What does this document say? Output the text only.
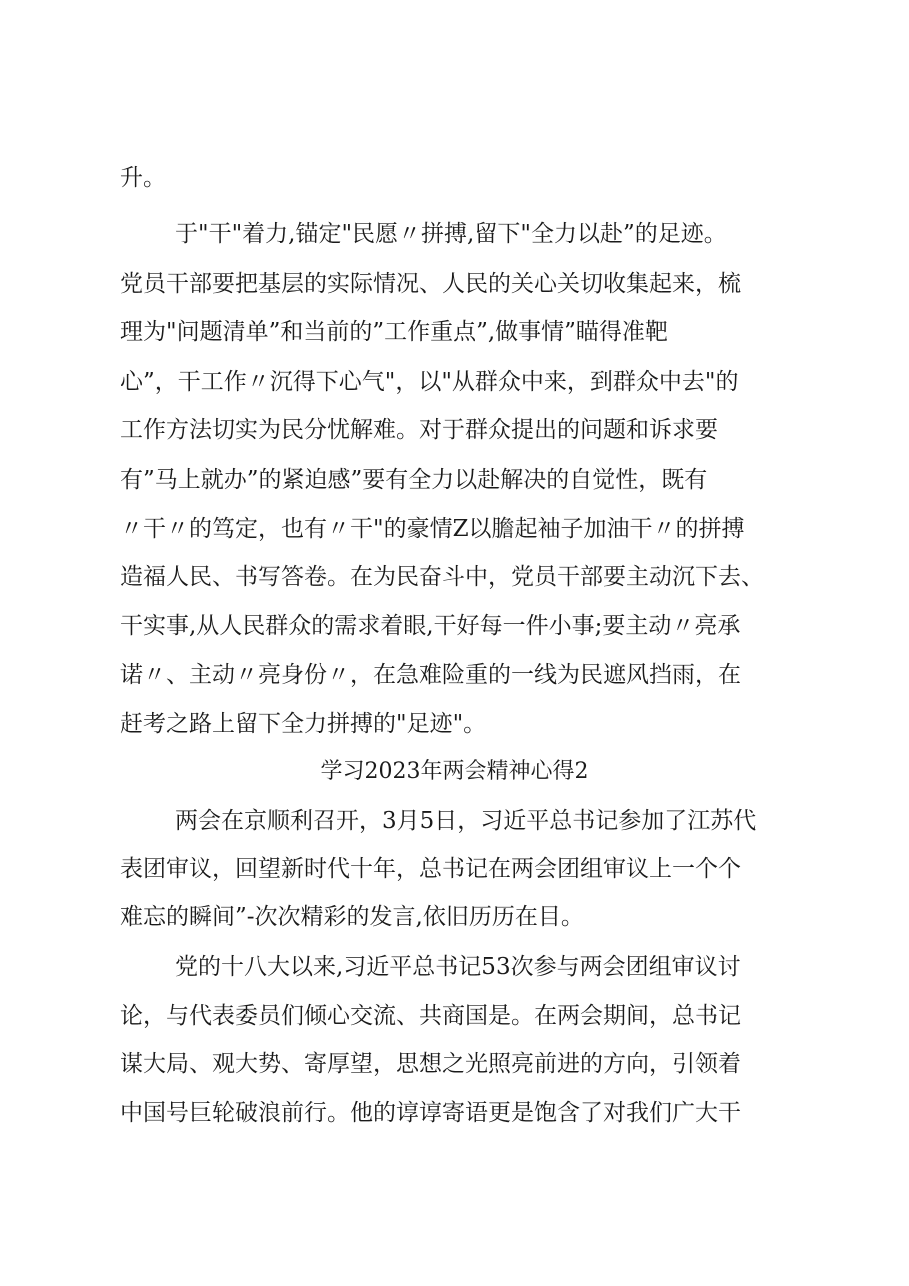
升。
于"干"着力,锚定"民愿〃拼搏,留下"全力以赴”的足迹。
党员干部要把基层的实际情况、人民的关心关切收集起来，梳
理为"问题清单”和当前的”工作重点”,做事情”瞄得准靶
心”，干工作〃沉得下心气"，以"从群众中来，到群众中去"的
工作方法切实为民分忧解难。对于群众提出的问题和诉求要
有”马上就办”的紧迫感”要有全力以赴解决的自觉性，既有
〃干〃的笃定，也有〃干"的豪情Z以膽起袖子加油干〃的拼搏
造福人民、书写答卷。在为民奋斗中，党员干部要主动沉下去、
干实事,从人民群众的需求着眼,干好每一件小事;要主动〃亮承
诺〃、主动〃亮身份〃，在急难险重的一线为民遮风挡雨，在
赶考之路上留下全力拼搏的"足迹"。
学习2023年两会精神心得2
两会在京顺利召开，3月5日，习近平总书记参加了江苏代
表团审议，回望新时代十年，总书记在两会团组审议上一个个
难忘的瞬间”-次次精彩的发言,依旧历历在目。
党的十八大以来,习近平总书记53次参与两会团组审议讨
论，与代表委员们倾心交流、共商国是。在两会期间，总书记
谋大局、观大势、寄厚望，思想之光照亮前进的方向，引领着
中国号巨轮破浪前行。他的谆谆寄语更是饱含了对我们广大干
